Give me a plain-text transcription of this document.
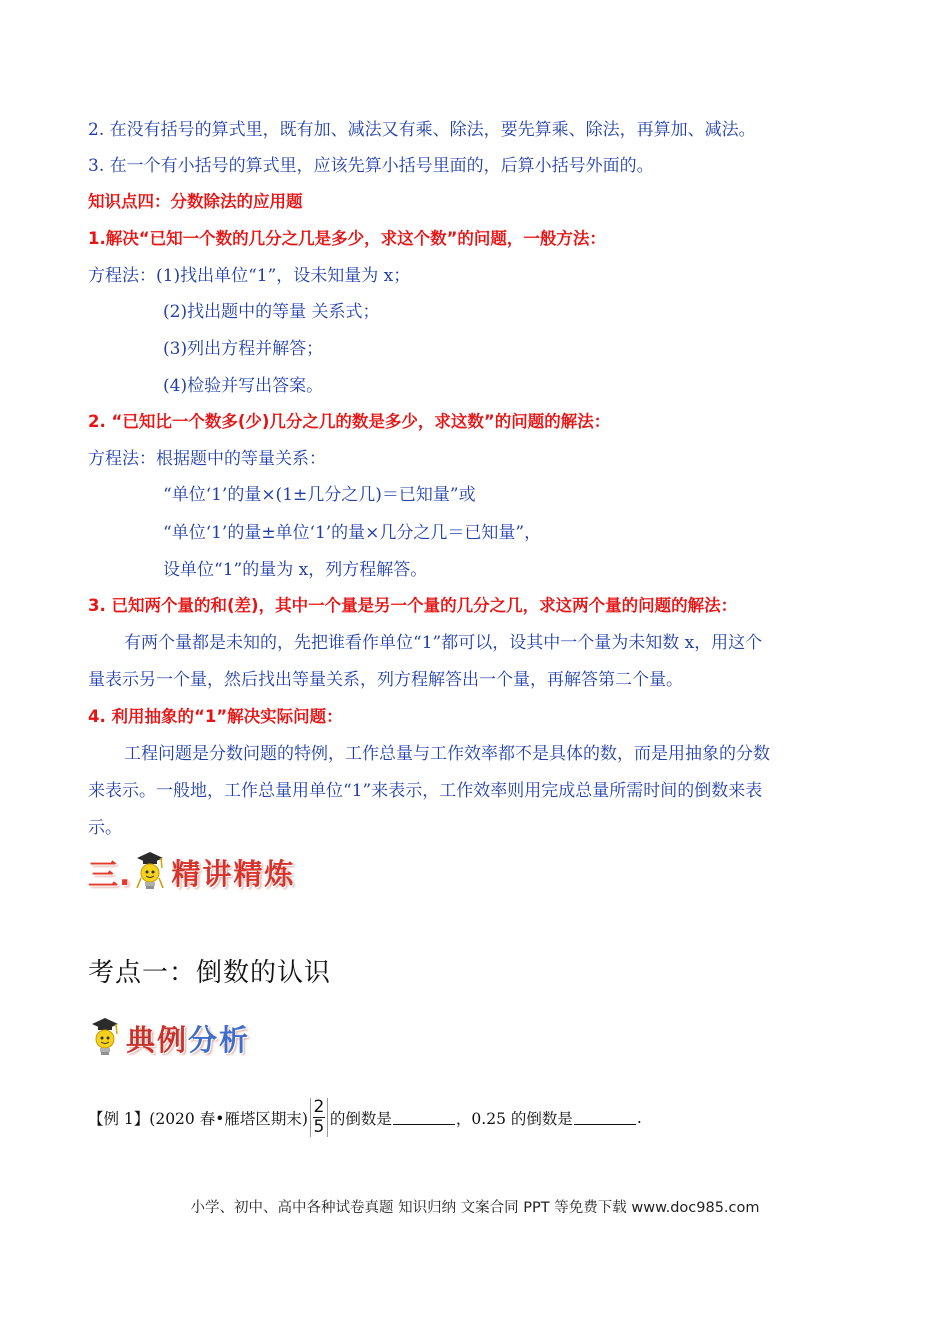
2. 在没有括号的算式里，既有加、减法又有乘、除法，要先算乘、除法，再算加、减法。
3. 在一个有小括号的算式里，应该先算小括号里面的，后算小括号外面的。
知识点四：分数除法的应用题
1.解决“已知一个数的几分之几是多少，求这个数”的问题，一般方法：
方程法：(1)找出单位“1”，设未知量为 x；
(2)找出题中的等量 关系式；
(3)列出方程并解答；
(4)检验并写出答案。
2. “已知比一个数多(少)几分之几的数是多少，求这数”的问题的解法：
方程法：根据题中的等量关系：
“单位‘1’的量×(1±几分之几)＝已知量”或
“单位‘1’的量±单位‘1’的量×几分之几＝已知量”，
设单位“1”的量为 x，列方程解答。
3. 已知两个量的和(差)，其中一个量是另一个量的几分之几，求这两个量的问题的解法：
有两个量都是未知的，先把谁看作单位“1”都可以，设其中一个量为未知数 x，用这个
量表示另一个量，然后找出等量关系，列方程解答出一个量，再解答第二个量。
4. 利用抽象的“1”解决实际问题：
工程问题是分数问题的特例，工作总量与工作效率都不是具体的数，而是用抽象的分数
来表示。一般地，工作总量用单位“1”来表示，工作效率则用完成总量所需时间的倒数来表
示。
三. 精讲精炼
考点一：倒数的认识
典例分析
【例 1】(2020 春•雁塔区期末) $\frac{2}{5}$ 的倒数是	，0.25 的倒数是	.
小学、初中、高中各种试卷真题 知识归纳 文案合同 PPT 等免费下载 www.doc985.com
